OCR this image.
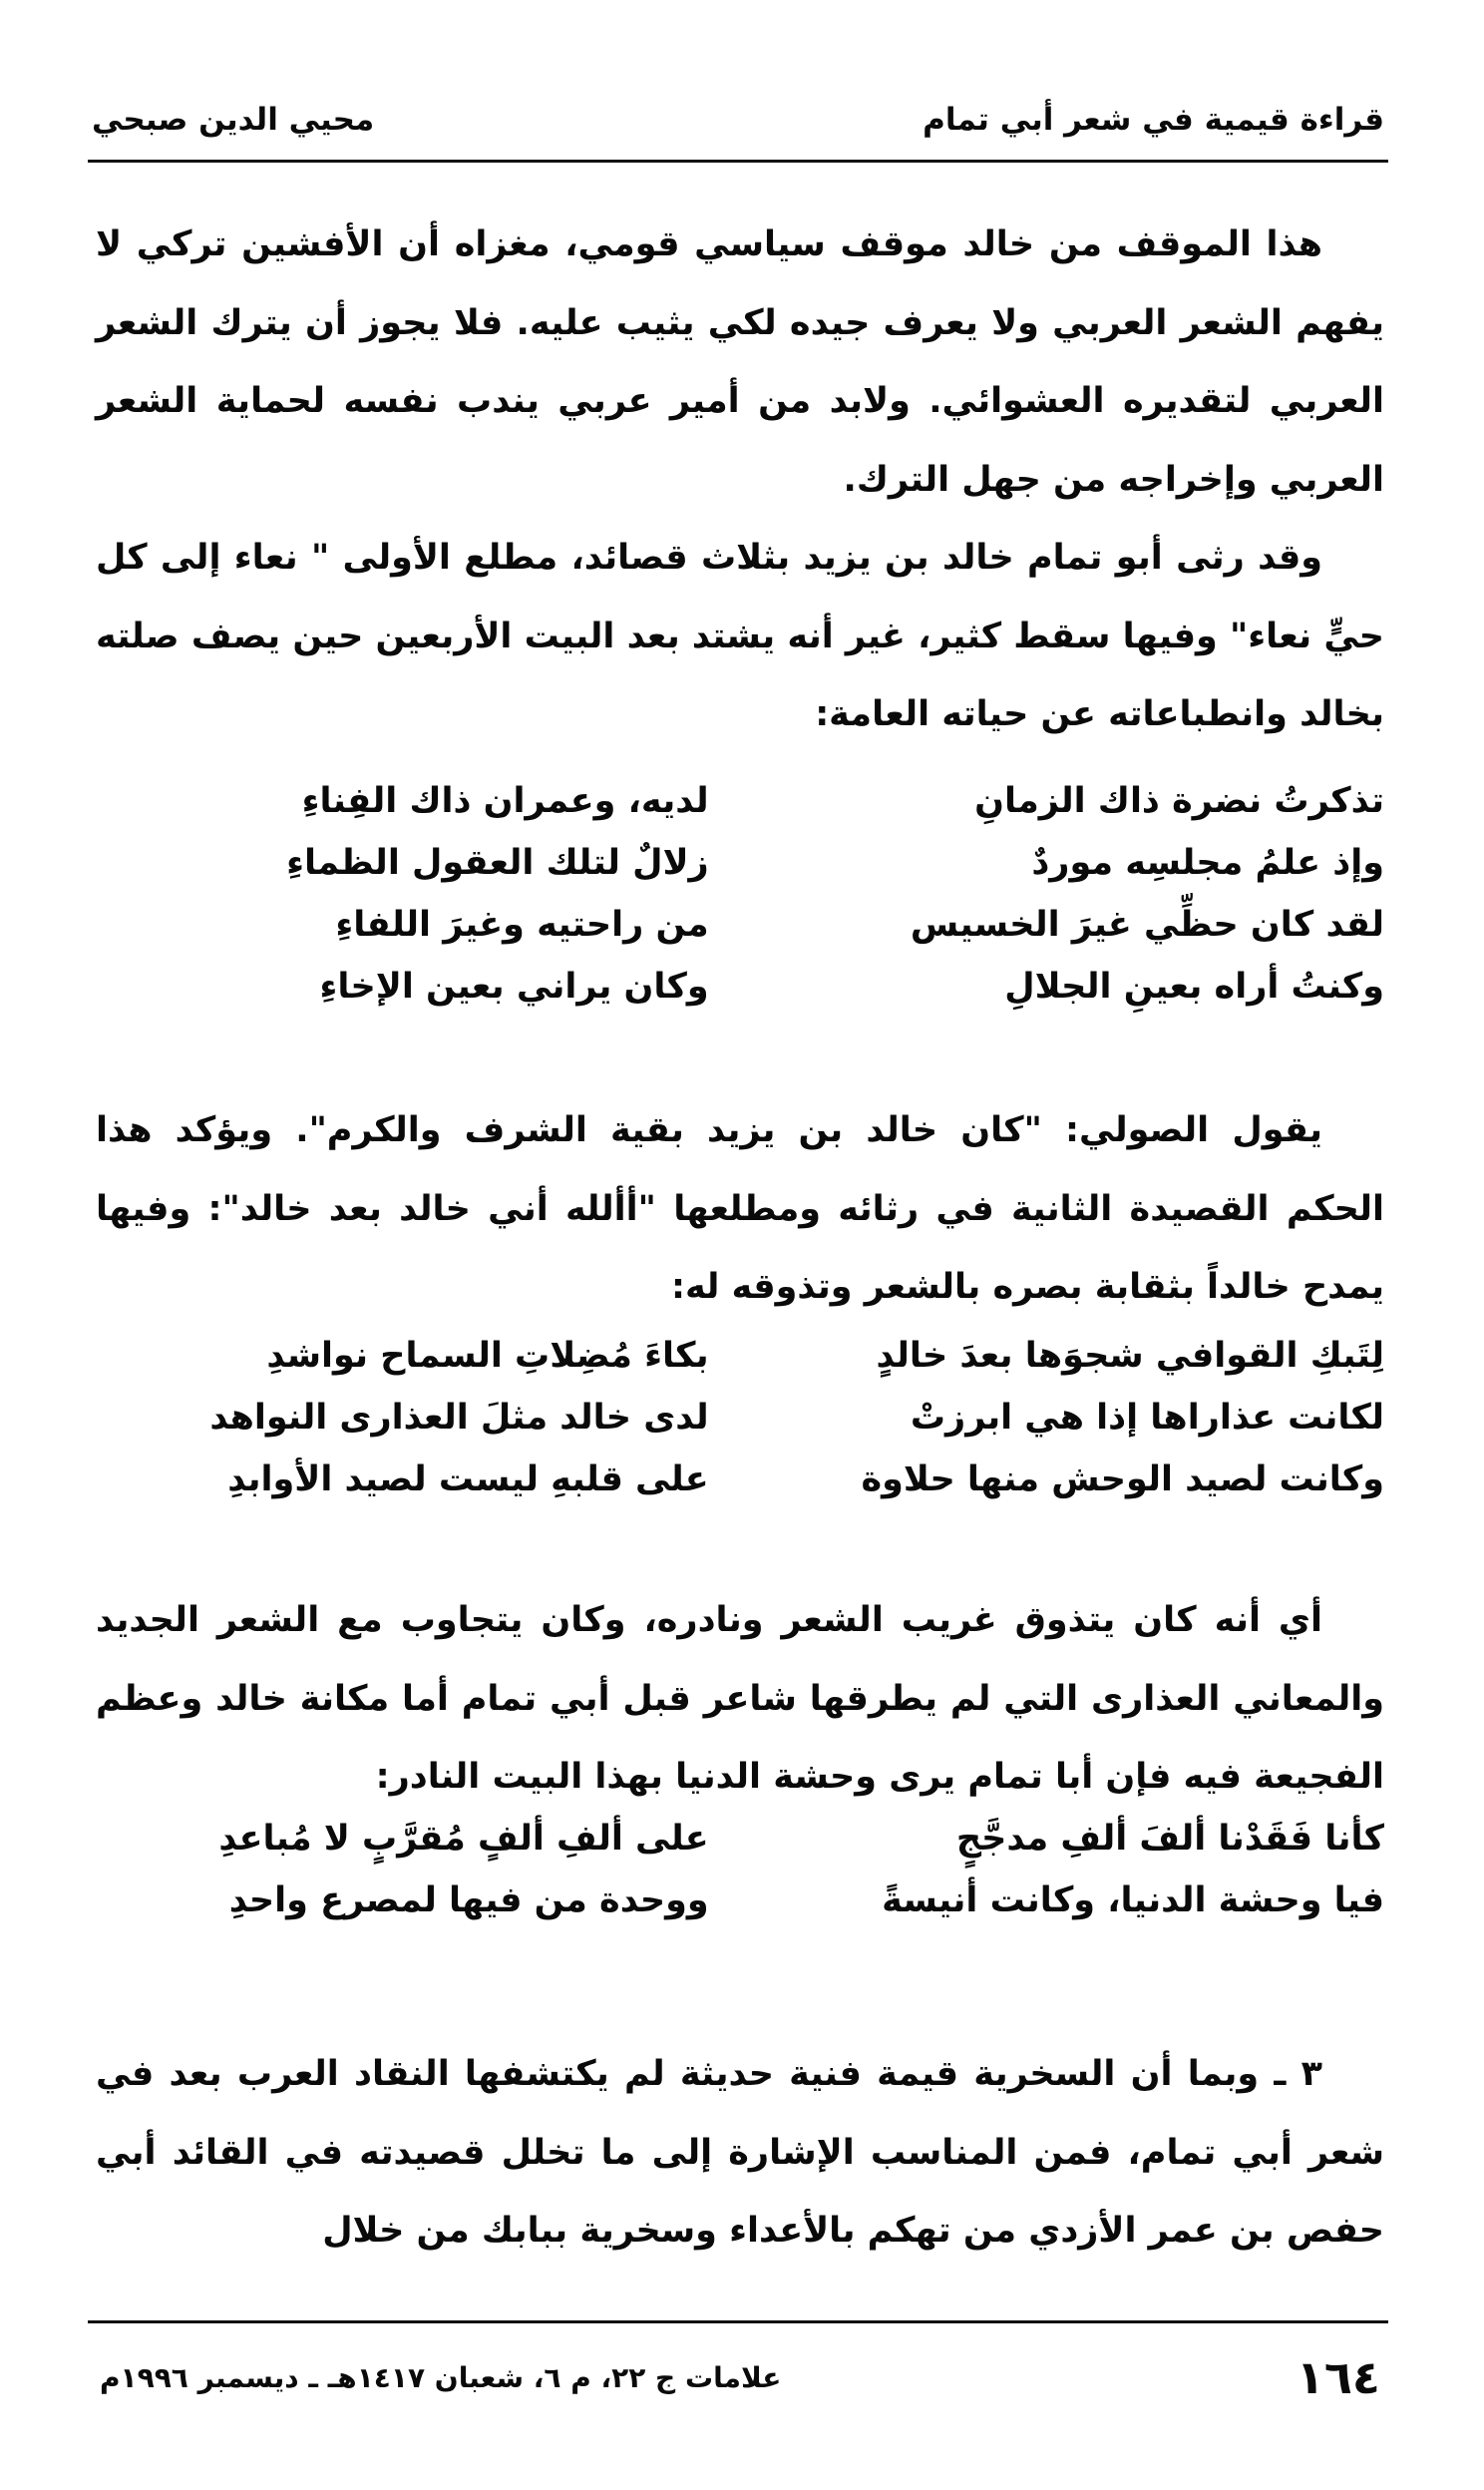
قراءة قيمية في شعر أبي تمام
محيي الدين صبحي

هذا الموقف من خالد موقف سياسي قومي، مغزاه أن الأفشين تركي لا يفهم الشعر العربي ولا يعرف جيده لكي يثيب عليه. فلا يجوز أن يترك الشعر العربي لتقديره العشوائي. ولابد من أمير عربي يندب نفسه لحماية الشعر العربي وإخراجه من جهل الترك.

وقد رثى أبو تمام خالد بن يزيد بثلاث قصائد، مطلع الأولى " نعاء إلى كل حيٍّ نعاء" وفيها سقط كثير، غير أنه يشتد بعد البيت الأربعين حين يصف صلته بخالد وانطباعاته عن حياته العامة:

تذكرتُ نضرة ذاك الزمانِ
لديه، وعمران ذاك الفِناءِ
وإذ علمُ مجلسِه موردٌ
زلالٌ لتلك العقول الظماءِ
لقد كان حظِّي غيرَ الخسيس
من راحتيه وغيرَ اللفاءِ
وكنتُ أراه بعينِ الجلالِ
وكان يراني بعين الإخاءِ

يقول الصولي: "كان خالد بن يزيد بقية الشرف والكرم". ويؤكد هذا الحكم القصيدة الثانية في رثائه ومطلعها "أألله أني خالد بعد خالد": وفيها يمدح خالداً بثقابة بصره بالشعر وتذوقه له:

لِتَبكِ القوافي شجوَها بعدَ خالدٍ
بكاءَ مُضِلاتِ السماح نواشدِ
لكانت عذاراها إذا هي ابرزتْ
لدى خالد مثلَ العذارى النواهد
وكانت لصيد الوحش منها حلاوة
على قلبهِ ليست لصيد الأوابدِ

أي أنه كان يتذوق غريب الشعر ونادره، وكان يتجاوب مع الشعر الجديد والمعاني العذارى التي لم يطرقها شاعر قبل أبي تمام أما مكانة خالد وعظم الفجيعة فيه فإن أبا تمام يرى وحشة الدنيا بهذا البيت النادر:

كأنا فَقَدْنا ألفَ ألفِ مدجَّجٍ
على ألفِ ألفٍ مُقرَّبٍ لا مُباعدِ
فيا وحشة الدنيا، وكانت أنيسةً
ووحدة من فيها لمصرع واحدِ

٣ ـ وبما أن السخرية قيمة فنية حديثة لم يكتشفها النقاد العرب بعد في شعر أبي تمام، فمن المناسب الإشارة إلى ما تخلل قصيدته في القائد أبي حفص بن عمر الأزدي من تهكم بالأعداء وسخرية ببابك من خلال

١٦٤
علامات ج ٢٢، م ٦، شعبان ١٤١٧هـ ـ ديسمبر ١٩٩٦م
